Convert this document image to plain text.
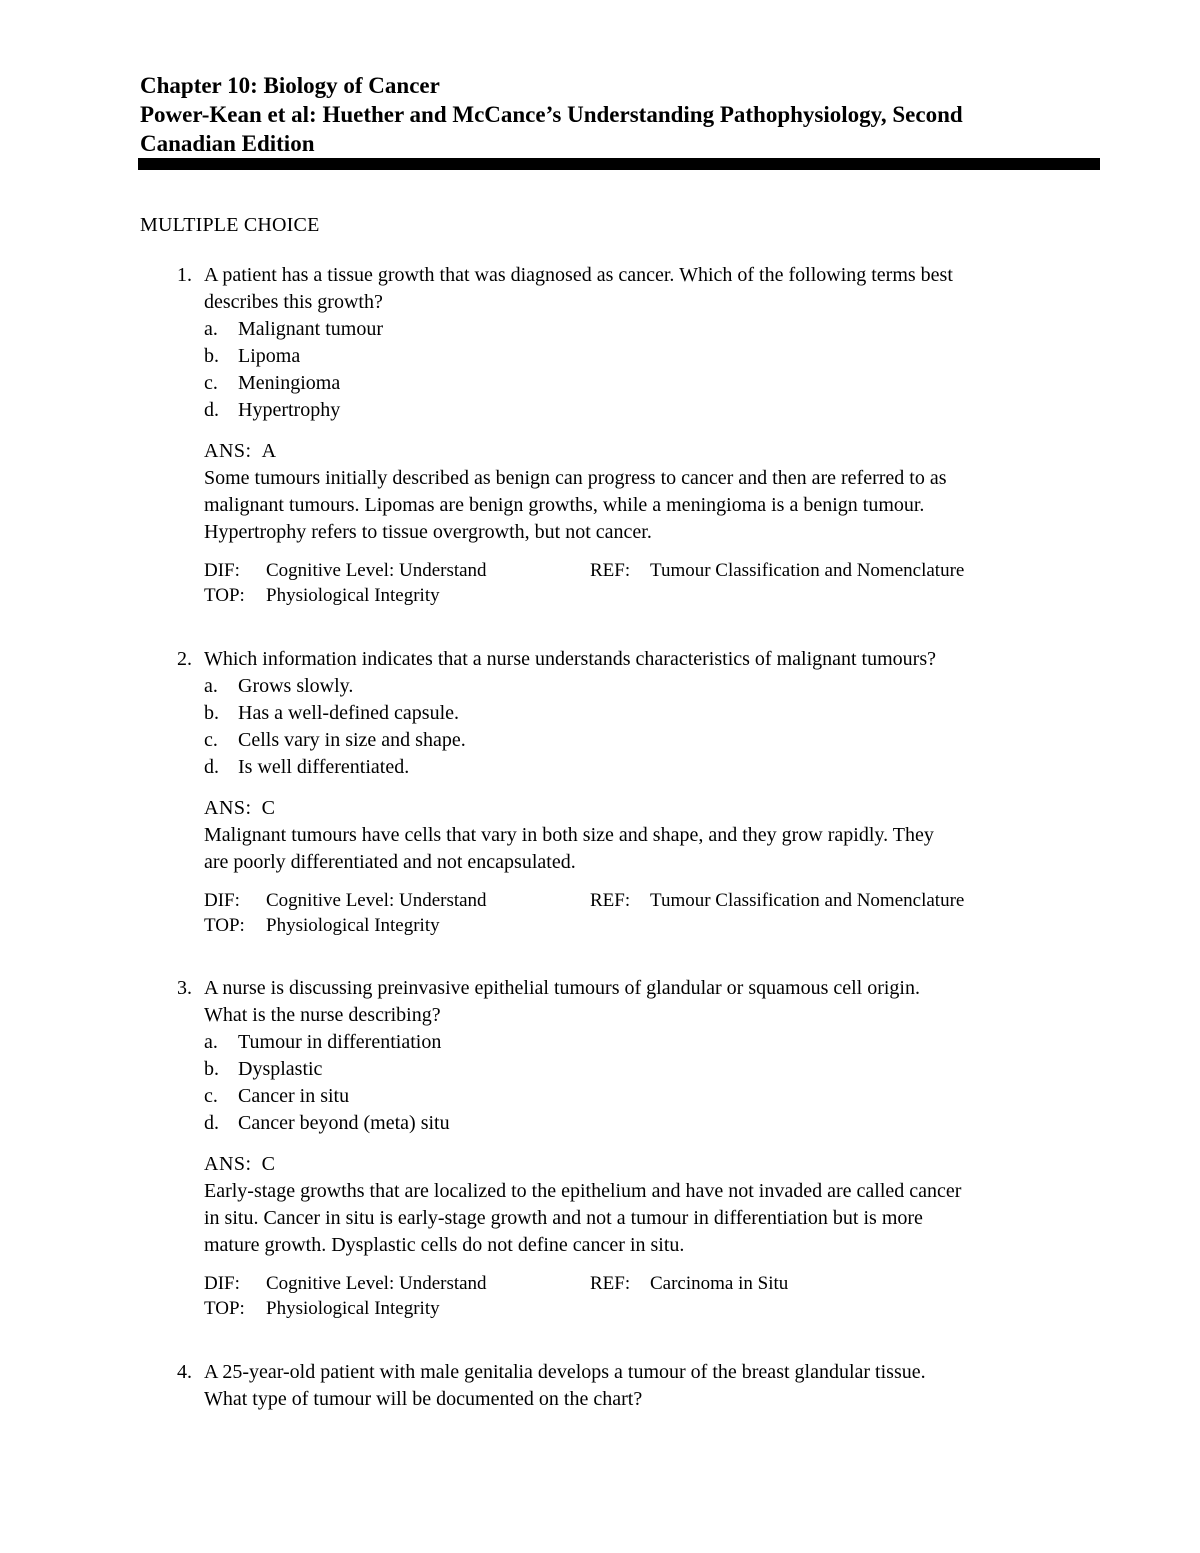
Chapter 10: Biology of Cancer

Power-Kean et al: Huether and McCance’s Understanding Pathophysiology, Second

Canadian Edition

MULTIPLE CHOICE
1. A patient has a tissue growth that was diagnosed as cancer. Which of the following terms best
describes this growth?
a. Malignant tumour
b. Lipoma
c. Meningioma
d. Hypertrophy
ANS: A
Some tumours initially described as benign can progress to cancer and then are referred to as
malignant tumours. Lipomas are benign growths, while a meningioma is a benign tumour.
Hypertrophy refers to tissue overgrowth, but not cancer.
DIF: Cognitive Level: Understand	REF: Tumour Classification and Nomenclature
TOP: Physiological Integrity
2. Which information indicates that a nurse understands characteristics of malignant tumours?
a. Grows slowly.
b. Has a well-defined capsule.
c. Cells vary in size and shape.
d. Is well differentiated.
ANS: C
Malignant tumours have cells that vary in both size and shape, and they grow rapidly. They
are poorly differentiated and not encapsulated.
DIF: Cognitive Level: Understand	REF: Tumour Classification and Nomenclature
TOP: Physiological Integrity
3. A nurse is discussing preinvasive epithelial tumours of glandular or squamous cell origin.
What is the nurse describing?
a. Tumour in differentiation
b. Dysplastic
c. Cancer in situ
d. Cancer beyond (meta) situ
ANS: C
Early-stage growths that are localized to the epithelium and have not invaded are called cancer
in situ. Cancer in situ is early-stage growth and not a tumour in differentiation but is more
mature growth. Dysplastic cells do not define cancer in situ.
DIF: Cognitive Level: Understand	REF: Carcinoma in Situ
TOP: Physiological Integrity
4. A 25-year-old patient with male genitalia develops a tumour of the breast glandular tissue.
What type of tumour will be documented on the chart?
